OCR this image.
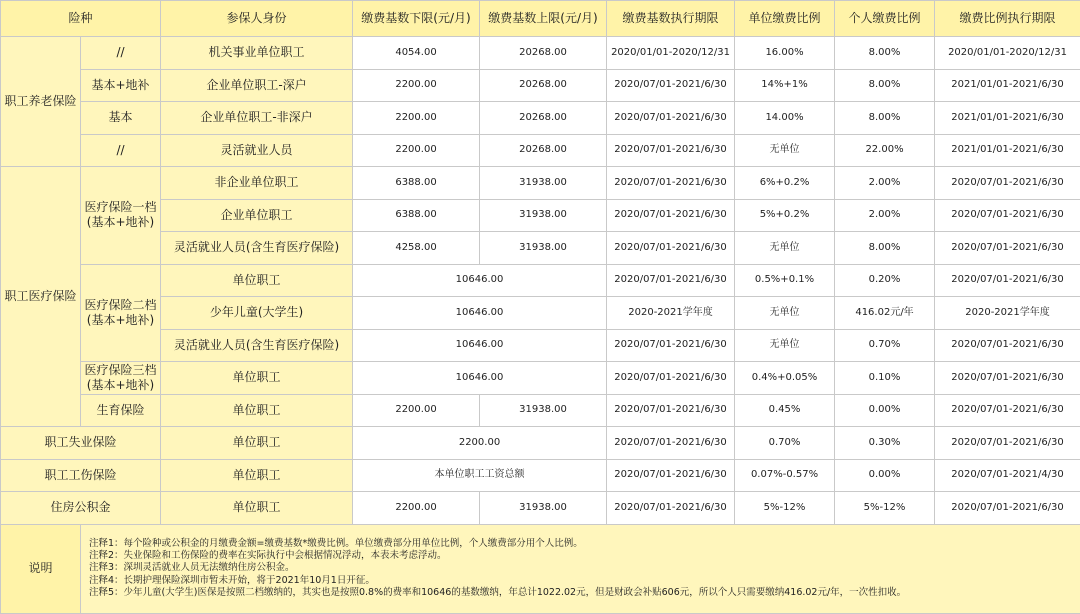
险种		参保人身份	缴费基数下限(元/月)	缴费基数上限(元/月)	缴费基数执行期限	单位缴费比例	个人缴费比例	缴费比例执行期限
职工养老保险	//	机关事业单位职工	4054.00	20268.00	2020/01/01-2020/12/31	16.00%	8.00%	2020/01/01-2020/12/31
	基本+地补	企业单位职工-深户	2200.00	20268.00	2020/07/01-2021/6/30	14%+1%	8.00%	2021/01/01-2021/6/30
	基本	企业单位职工-非深户	2200.00	20268.00	2020/07/01-2021/6/30	14.00%	8.00%	2021/01/01-2021/6/30
	//	灵活就业人员	2200.00	20268.00	2020/07/01-2021/6/30	无单位	22.00%	2021/01/01-2021/6/30
职工医疗保险	医疗保险一档(基本+地补)	非企业单位职工	6388.00	31938.00	2020/07/01-2021/6/30	6%+0.2%	2.00%	2020/07/01-2021/6/30
		企业单位职工	6388.00	31938.00	2020/07/01-2021/6/30	5%+0.2%	2.00%	2020/07/01-2021/6/30
		灵活就业人员(含生育医疗保险)	4258.00	31938.00	2020/07/01-2021/6/30	无单位	8.00%	2020/07/01-2021/6/30
	医疗保险二档(基本+地补)	单位职工	10646.00		2020/07/01-2021/6/30	0.5%+0.1%	0.20%	2020/07/01-2021/6/30
		少年儿童(大学生)	10646.00		2020-2021学年度	无单位	416.02元/年	2020-2021学年度
		灵活就业人员(含生育医疗保险)	10646.00		2020/07/01-2021/6/30	无单位	0.70%	2020/07/01-2021/6/30
	医疗保险三档(基本+地补)	单位职工	10646.00		2020/07/01-2021/6/30	0.4%+0.05%	0.10%	2020/07/01-2021/6/30
	生育保险	单位职工	2200.00	31938.00	2020/07/01-2021/6/30	0.45%	0.00%	2020/07/01-2021/6/30
职工失业保险		单位职工	2200.00		2020/07/01-2021/6/30	0.70%	0.30%	2020/07/01-2021/6/30
职工工伤保险		单位职工	本单位职工工资总额		2020/07/01-2021/6/30	0.07%-0.57%	0.00%	2020/07/01-2021/4/30
住房公积金		单位职工	2200.00	31938.00	2020/07/01-2021/6/30	5%-12%	5%-12%	2020/07/01-2021/6/30
说明	注释1：每个险种或公积金的月缴费金额=缴费基数*缴费比例。单位缴费部分用单位比例，个人缴费部分用个人比例。
注释2：失业保险和工伤保险的费率在实际执行中会根据情况浮动，本表未考虑浮动。
注释3：深圳灵活就业人员无法缴纳住房公积金。
注释4：长期护理保险深圳市暂未开始，将于2021年10月1日开征。
注释5：少年儿童(大学生)医保是按照二档缴纳的，其实也是按照0.8%的费率和10646的基数缴纳，年总计1022.02元，但是财政会补贴606元，所以个人只需要缴纳416.02元/年，一次性扣收。							
